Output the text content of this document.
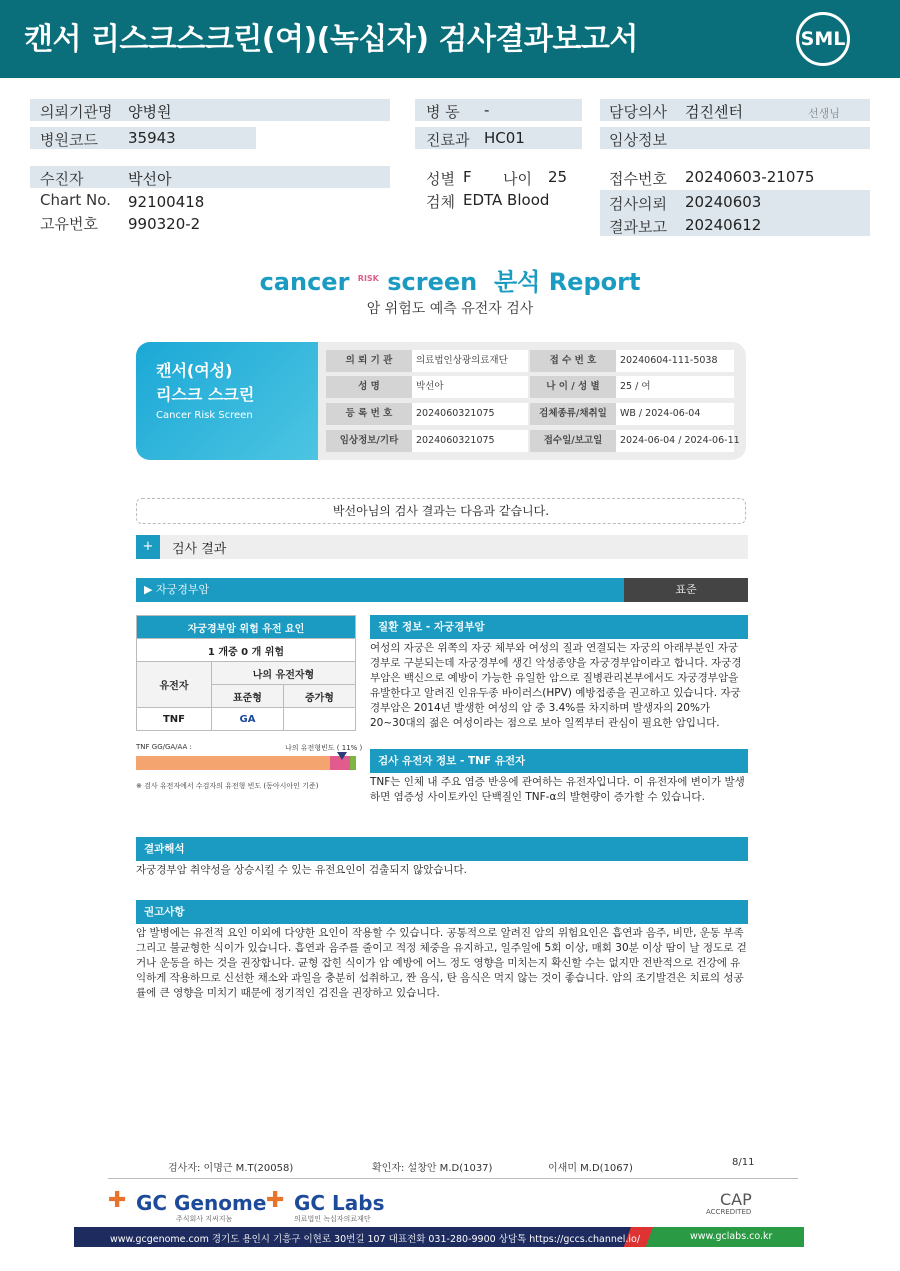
캔서 리스크스크린(여)(녹십자) 검사결과보고서	SML
의뢰기관명 양병원
병원코드 35943
병 동 -
진료과 HC01
담당의사 검진센터	선생님
임상정보
수진자	박선아
Chart No. 92100418
고유번호 990320-2
성별 F 나이 25
검체 EDTA Blood
접수번호 20240603-21075
검사의뢰 20240603
결과보고 20240612
cancer $^{RISK}$ screen 분석 Report
암 위험도 예측 유전자 검사
캔서(여성)
리스크 스크린
Cancer Risk Screen
의 뢰 기 관	의료법인상광의료재단	접 수 번 호	20240604-111-5038
성 명	박선아	나 이 / 성 별	25 / 여
등 록 번 호	2024060321075	검체종류/채취일	WB / 2024-06-04
임상정보/기타	2024060321075	접수일/보고일	2024-06-04 / 2024-06-11
박선아님의 검사 결과는 다음과 같습니다.
+	검사 결과
▶ 자궁경부암	표준
자궁경부암 위험 유전 요인		
1 개중 0 개 위험		
유전자	나의 유전자형	
	표준형	증가형
TNF	GA	
TNF GG/GA/AA :	나의 유전형빈도 ( 11% )
※ 검사 유전자에서 수검자의 유전형 빈도 (동아시아인 기준)
질환 정보 - 자궁경부암
여성의 자궁은 위쪽의 자궁 체부와 여성의 질과 연결되는 자궁의 아래부분인 자궁경부로 구분되는데 자궁경부에 생긴 악성종양을 자궁경부암이라고 합니다. 자궁경부암은 백신으로 예방이 가능한 유일한 암으로 질병관리본부에서도 자궁경부암을 유발한다고 알려진 인유두종 바이러스(HPV) 예방접종을 권고하고 있습니다. 자궁경부암은 2014년 발생한 여성의 암 중 3.4%를 차지하며 발생자의 20%가 20~30대의 젊은 여성이라는 점으로 보아 일찍부터 관심이 필요한 암입니다.
검사 유전자 정보 - TNF 유전자
TNF는 인체 내 주요 염증 반응에 관여하는 유전자입니다. 이 유전자에 변이가 발생하면 염증성 사이토카인 단백질인 TNF-α의 발현량이 증가할 수 있습니다.
결과해석
자궁경부암 취약성을 상승시킬 수 있는 유전요인이 검출되지 않았습니다.
권고사항
암 발병에는 유전적 요인 이외에 다양한 요인이 작용할 수 있습니다. 공통적으로 알려진 암의 위험요인은 흡연과 음주, 비만, 운동 부족 그리고 불균형한 식이가 있습니다. 흡연과 음주를 줄이고 적정 체중을 유지하고, 일주일에 5회 이상, 매회 30분 이상 땀이 날 정도로 걷거나 운동을 하는 것을 권장합니다. 균형 잡힌 식이가 암 예방에 어느 정도 영향을 미치는지 확신할 수는 없지만 전반적으로 건강에 유익하게 작용하므로 신선한 채소와 과일을 충분히 섭취하고, 짠 음식, 탄 음식은 먹지 않는 것이 좋습니다. 암의 조기발견은 치료의 성공률에 큰 영향을 미치기 때문에 정기적인 검진을 권장하고 있습니다.
검사자: 이명근 M.T(20058)	확인자: 설창안 M.D(1037)	이새미 M.D(1067)
8/11
✚ GC Genome
주식회사 지씨지놈
✚ GC Labs
의료법인 녹십자의료재단
CAP
ACCREDITED
www.gcgenome.com 경기도 용인시 기흥구 이현로 30번길 107 대표전화 031-280-9900 상담톡 https://gccs.channel.io/	www.gclabs.co.kr
